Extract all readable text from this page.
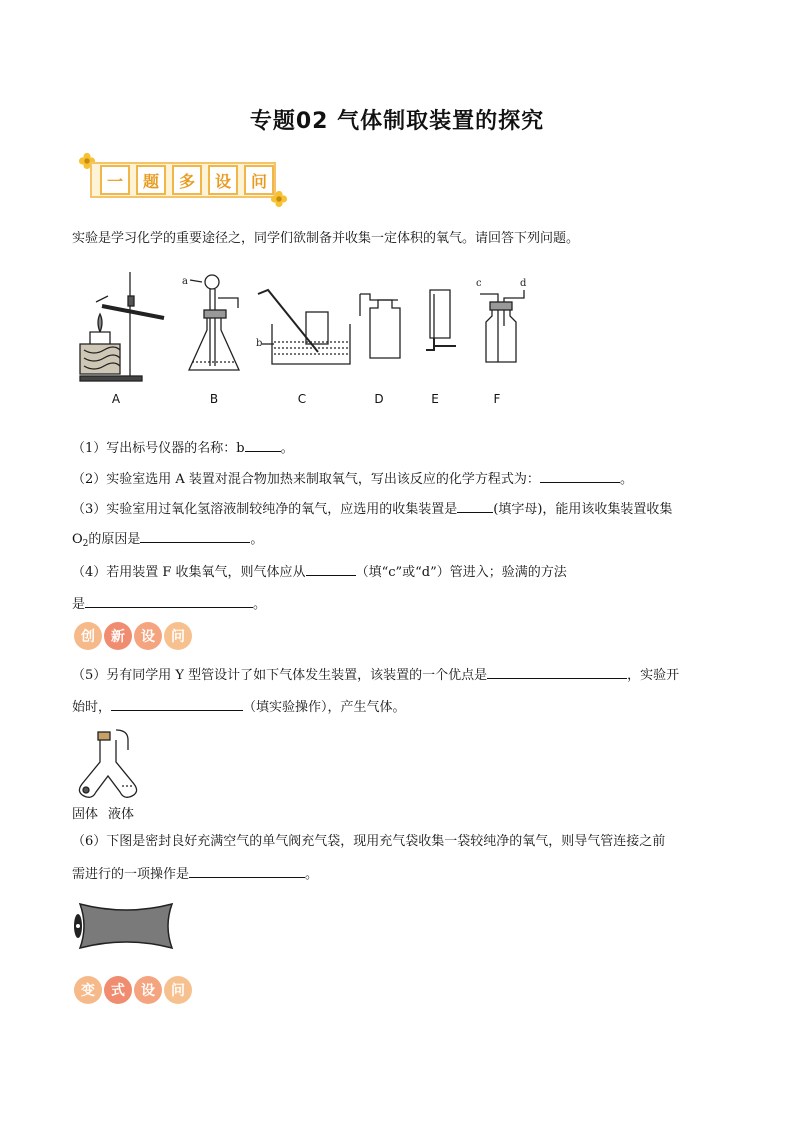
专题02 气体制取装置的探究
一	题	多	设	问
实验是学习化学的重要途径之，同学们欲制备并收集一定体积的氧气。请回答下列问题。
a
b
c	d
A	B	C	D	E	F
（1）写出标号仪器的名称：b	。
（2）实验室选用 A 装置对混合物加热来制取氧气，写出该反应的化学方程式为：	。
（3）实验室用过氧化氢溶液制较纯净的氧气，应选用的收集装置是	(填字母)，能用该收集装置收集
$O_2$的原因是	。
（4）若用装置 F 收集氧气，则气体应从	（填“c”或“d”）管进入；验满的方法
是	。
创	新	设	问
（5）另有同学用 Y 型管设计了如下气体发生装置，该装置的一个优点是	，实验开
始时，	（填实验操作），产生气体。
固体 液体
（6）下图是密封良好充满空气的单气阀充气袋，现用充气袋收集一袋较纯净的氧气，则导气管连接之前
需进行的一项操作是	。
变	式	设	问
